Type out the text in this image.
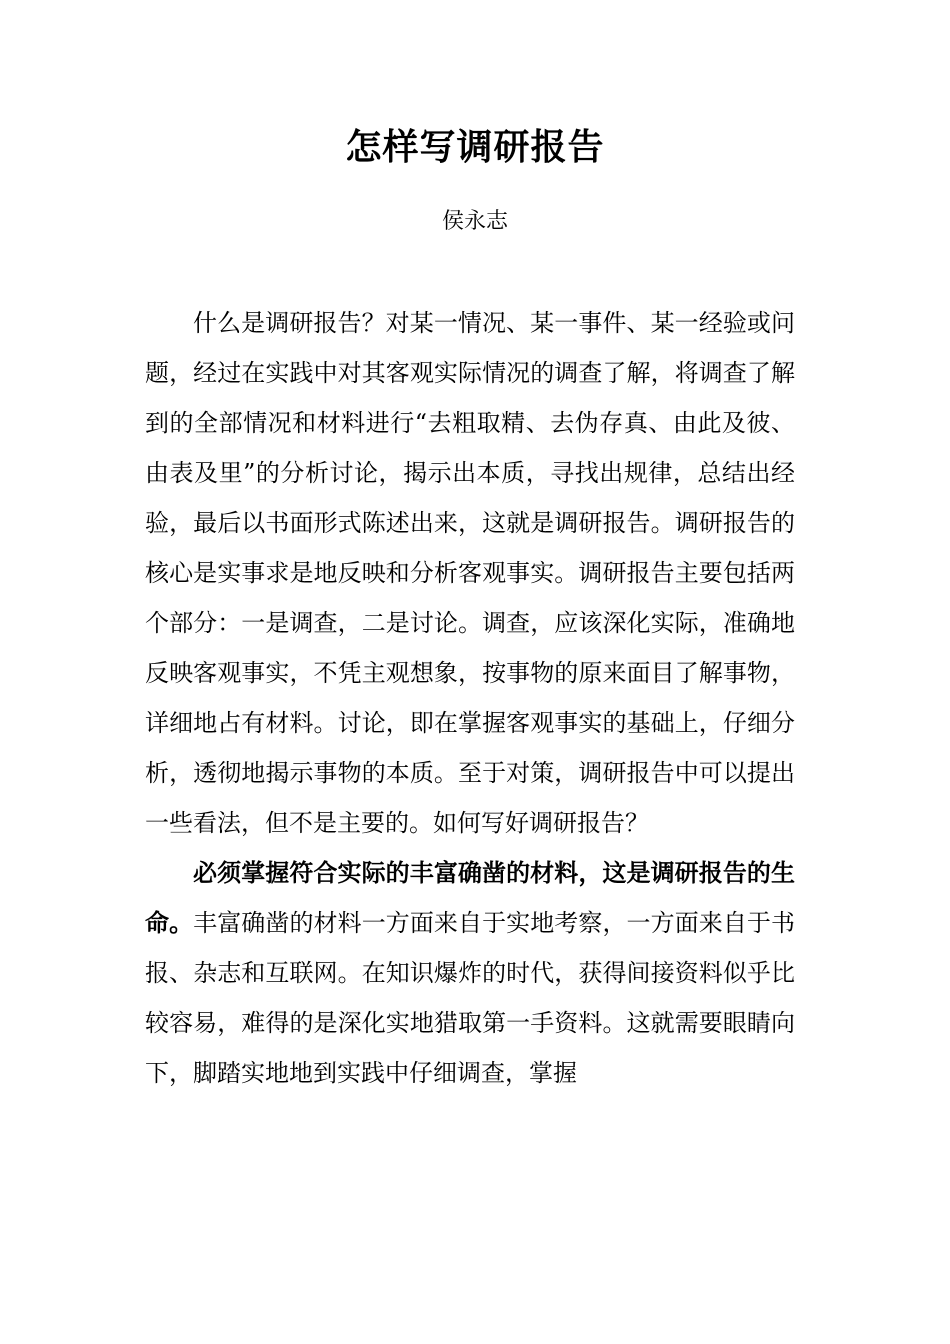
怎样写调研报告
侯永志

什么是调研报告？对某一情况、某一事件、某一经验或问题，经过在实践中对其客观实际情况的调查了解，将调查了解到的全部情况和材料进行“去粗取精、去伪存真、由此及彼、由表及里”的分析讨论，揭示出本质，寻找出规律，总结出经验，最后以书面形式陈述出来，这就是调研报告。调研报告的核心是实事求是地反映和分析客观事实。调研报告主要包括两个部分：一是调查，二是讨论。调查，应该深化实际，准确地反映客观事实，不凭主观想象，按事物的原来面目了解事物，详细地占有材料。讨论，即在掌握客观事实的基础上，仔细分析，透彻地揭示事物的本质。至于对策，调研报告中可以提出一些看法，但不是主要的。如何写好调研报告？

必须掌握符合实际的丰富确凿的材料，这是调研报告的生命。丰富确凿的材料一方面来自于实地考察，一方面来自于书报、杂志和互联网。在知识爆炸的时代，获得间接资料似乎比较容易，难得的是深化实地猎取第一手资料。这就需要眼睛向下，脚踏实地地到实践中仔细调查，掌握
